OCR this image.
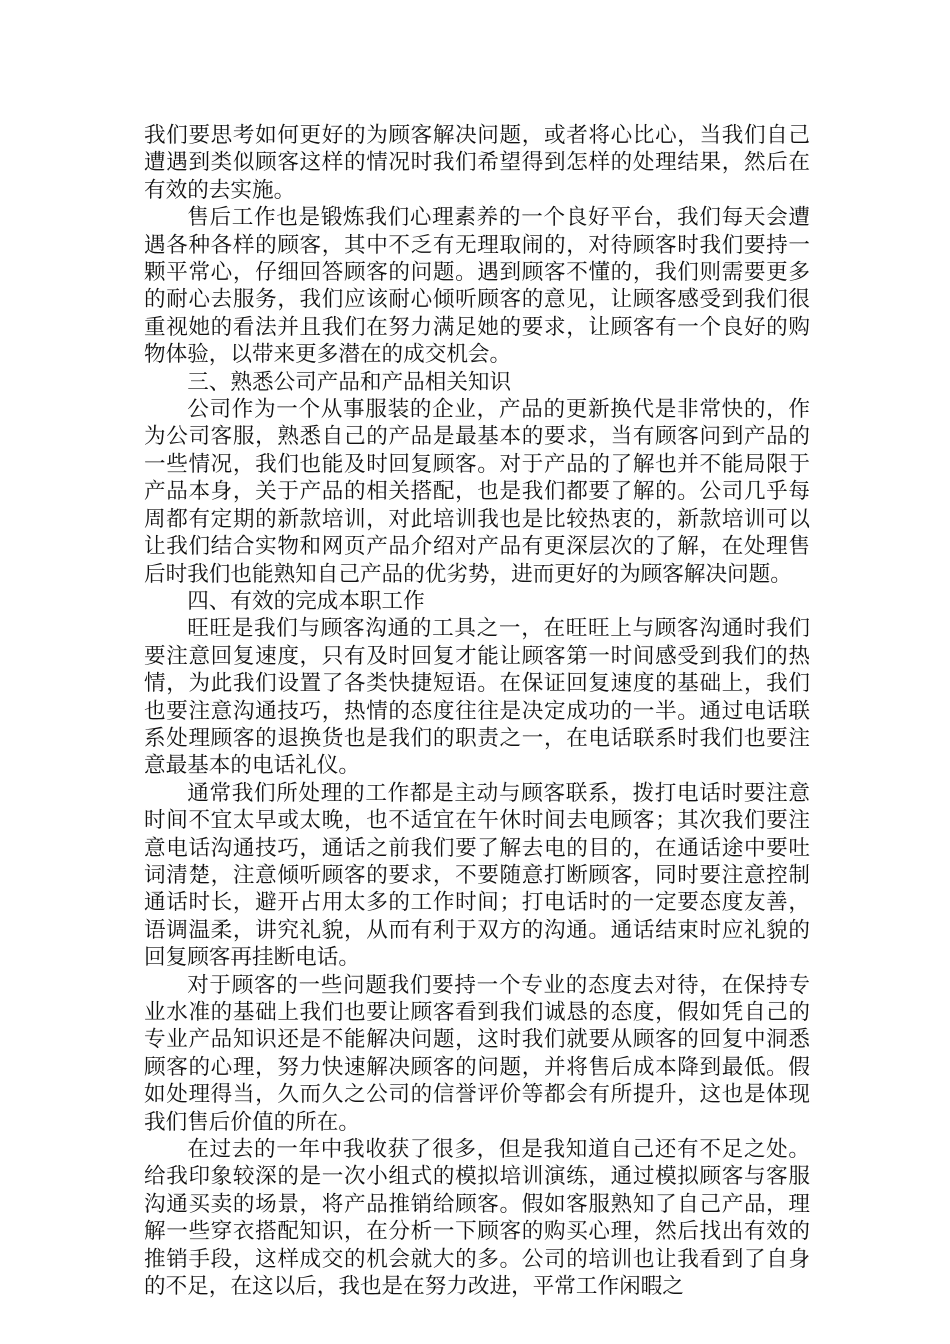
我们要思考如何更好的为顾客解决问题，或者将心比心，当我们自己遭遇到类似顾客这样的情况时我们希望得到怎样的处理结果，然后在有效的去实施。

售后工作也是锻炼我们心理素养的一个良好平台，我们每天会遭遇各种各样的顾客，其中不乏有无理取闹的，对待顾客时我们要持一颗平常心，仔细回答顾客的问题。遇到顾客不懂的，我们则需要更多的耐心去服务，我们应该耐心倾听顾客的意见，让顾客感受到我们很重视她的看法并且我们在努力满足她的要求，让顾客有一个良好的购物体验，以带来更多潜在的成交机会。

三、熟悉公司产品和产品相关知识

公司作为一个从事服装的企业，产品的更新换代是非常快的，作为公司客服，熟悉自己的产品是最基本的要求，当有顾客问到产品的一些情况，我们也能及时回复顾客。对于产品的了解也并不能局限于产品本身，关于产品的相关搭配，也是我们都要了解的。公司几乎每周都有定期的新款培训，对此培训我也是比较热衷的，新款培训可以让我们结合实物和网页产品介绍对产品有更深层次的了解，在处理售后时我们也能熟知自己产品的优劣势，进而更好的为顾客解决问题。

四、有效的完成本职工作

旺旺是我们与顾客沟通的工具之一，在旺旺上与顾客沟通时我们要注意回复速度，只有及时回复才能让顾客第一时间感受到我们的热情，为此我们设置了各类快捷短语。在保证回复速度的基础上，我们也要注意沟通技巧，热情的态度往往是决定成功的一半。通过电话联系处理顾客的退换货也是我们的职责之一，在电话联系时我们也要注意最基本的电话礼仪。

通常我们所处理的工作都是主动与顾客联系，拨打电话时要注意时间不宜太早或太晚，也不适宜在午休时间去电顾客；其次我们要注意电话沟通技巧，通话之前我们要了解去电的目的，在通话途中要吐词清楚，注意倾听顾客的要求，不要随意打断顾客，同时要注意控制通话时长，避开占用太多的工作时间；打电话时的一定要态度友善，语调温柔，讲究礼貌，从而有利于双方的沟通。通话结束时应礼貌的回复顾客再挂断电话。

对于顾客的一些问题我们要持一个专业的态度去对待，在保持专业水准的基础上我们也要让顾客看到我们诚恳的态度，假如凭自己的专业产品知识还是不能解决问题，这时我们就要从顾客的回复中洞悉顾客的心理，努力快速解决顾客的问题，并将售后成本降到最低。假如处理得当，久而久之公司的信誉评价等都会有所提升，这也是体现我们售后价值的所在。

在过去的一年中我收获了很多，但是我知道自己还有不足之处。给我印象较深的是一次小组式的模拟培训演练，通过模拟顾客与客服沟通买卖的场景，将产品推销给顾客。假如客服熟知了自己产品，理解一些穿衣搭配知识，在分析一下顾客的购买心理，然后找出有效的推销手段，这样成交的机会就大的多。公司的培训也让我看到了自身的不足，在这以后，我也是在努力改进，平常工作闲暇之
